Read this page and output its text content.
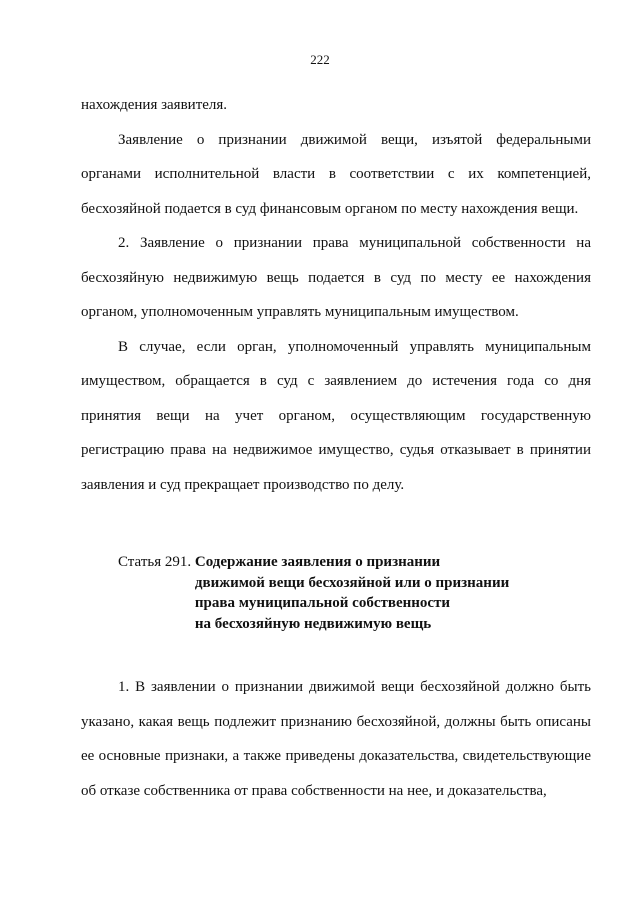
222

нахождения заявителя.

Заявление о признании движимой вещи, изъятой федеральными органами исполнительной власти в соответствии с их компетенцией, бесхозяйной подается в суд финансовым органом по месту нахождения вещи.

2. Заявление о признании права муниципальной собственности на бесхозяйную недвижимую вещь подается в суд по месту ее нахождения органом, уполномоченным управлять муниципальным имуществом.

В случае, если орган, уполномоченный управлять муниципальным имуществом, обращается в суд с заявлением до истечения года со дня принятия вещи на учет органом, осуществляющим государственную регистрацию права на недвижимое имущество, судья отказывает в принятии заявления и суд прекращает производство по делу.

Статья 291. Содержание заявления о признании
движимой вещи бесхозяйной или о признании
права муниципальной собственности
на бесхозяйную недвижимую вещь

1. В заявлении о признании движимой вещи бесхозяйной должно быть указано, какая вещь подлежит признанию бесхозяйной, должны быть описаны ее основные признаки, а также приведены доказательства, свидетельствующие об отказе собственника от права собственности на нее, и доказательства,
